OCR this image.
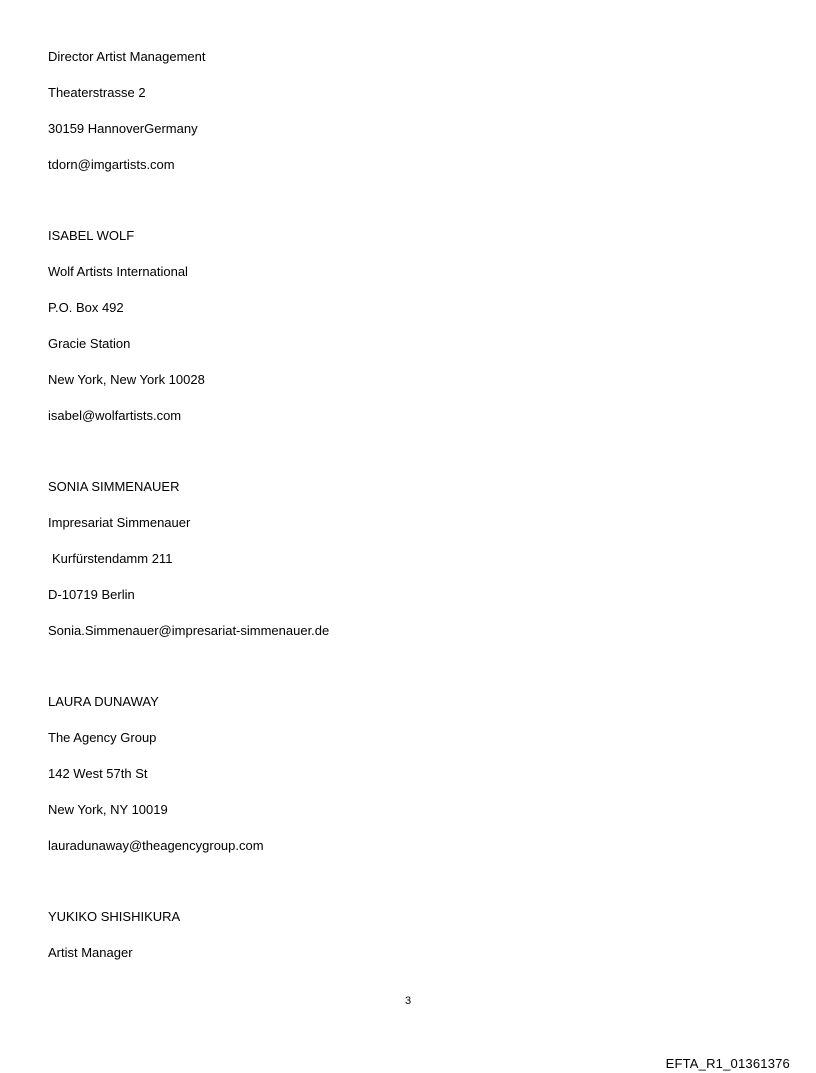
Director Artist Management
Theaterstrasse 2
30159 HannoverGermany
tdorn@imgartists.com
ISABEL WOLF
Wolf Artists International
P.O. Box 492
Gracie Station
New York, New York 10028
isabel@wolfartists.com
SONIA SIMMENAUER
Impresariat Simmenauer
Kurfürstendamm 211
D-10719 Berlin
Sonia.Simmenauer@impresariat-simmenauer.de
LAURA DUNAWAY
The Agency Group
142 West 57th St
New York, NY 10019
lauradunaway@theagencygroup.com
YUKIKO SHISHIKURA
Artist Manager
3
EFTA_R1_01361376
